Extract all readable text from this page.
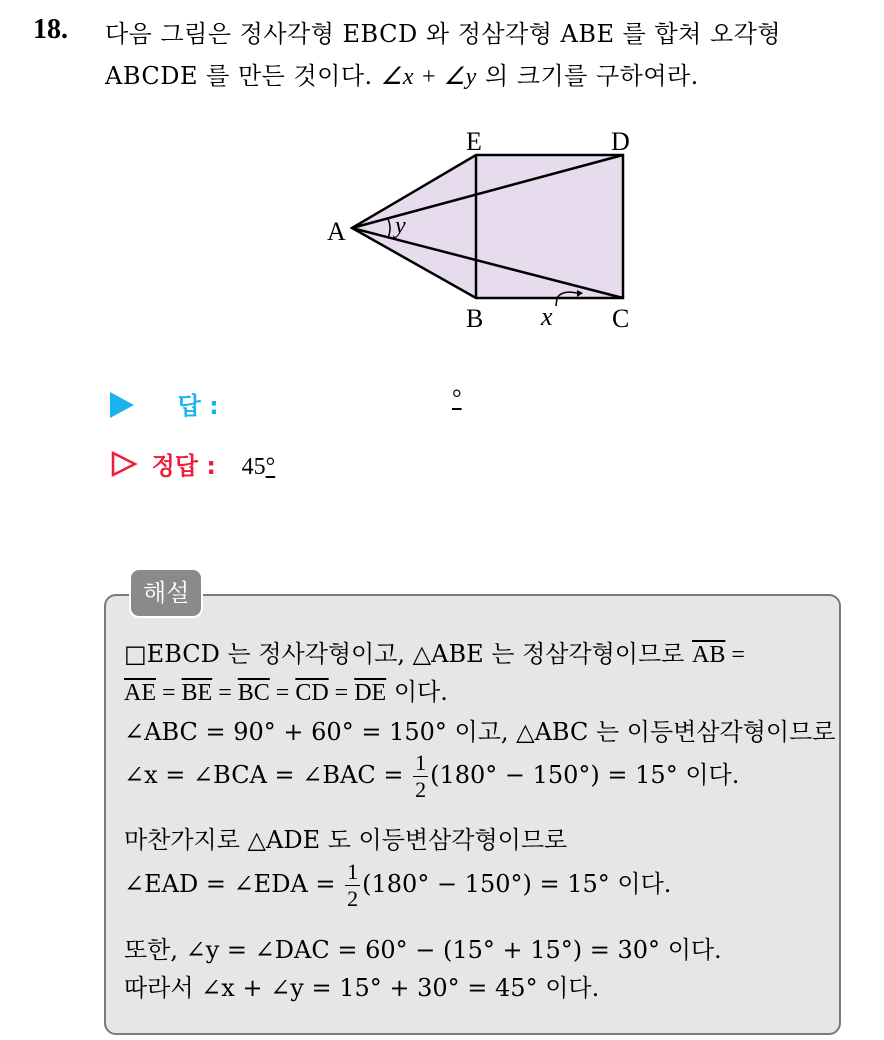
18. 다음 그림은 정사각형 EBCD 와 정삼각형 ABE 를 합쳐 오각형
ABCDE 를 만든 것이다. ∠x + ∠y 의 크기를 구하여라.
A
E	D
B	C
x
y
답 :	°
정답 : 45°
해설
□EBCD 는 정사각형이고, △ABE 는 정삼각형이므로 $\overline{AB}$ =
$\overline{AE} = \overline{BE} = \overline{BC} = \overline{CD} = \overline{DE}$ 이다.
∠ABC = 90° + 60° = 150° 이고, △ABC 는 이등변삼각형이므로
∠x = ∠BCA = ∠BAC = $\frac{1}{2} (180^\circ - 150^\circ) = 15^\circ$ 이다.
마찬가지로 △ADE 도 이등변삼각형이므로
∠EAD = ∠EDA = $\frac{1}{2} (180^\circ - 150^\circ) = 15^\circ$ 이다.
또한, ∠y = ∠DAC = 60° − (15° + 15°) = 30° 이다.
따라서 ∠x + ∠y = 15° + 30° = 45° 이다.
